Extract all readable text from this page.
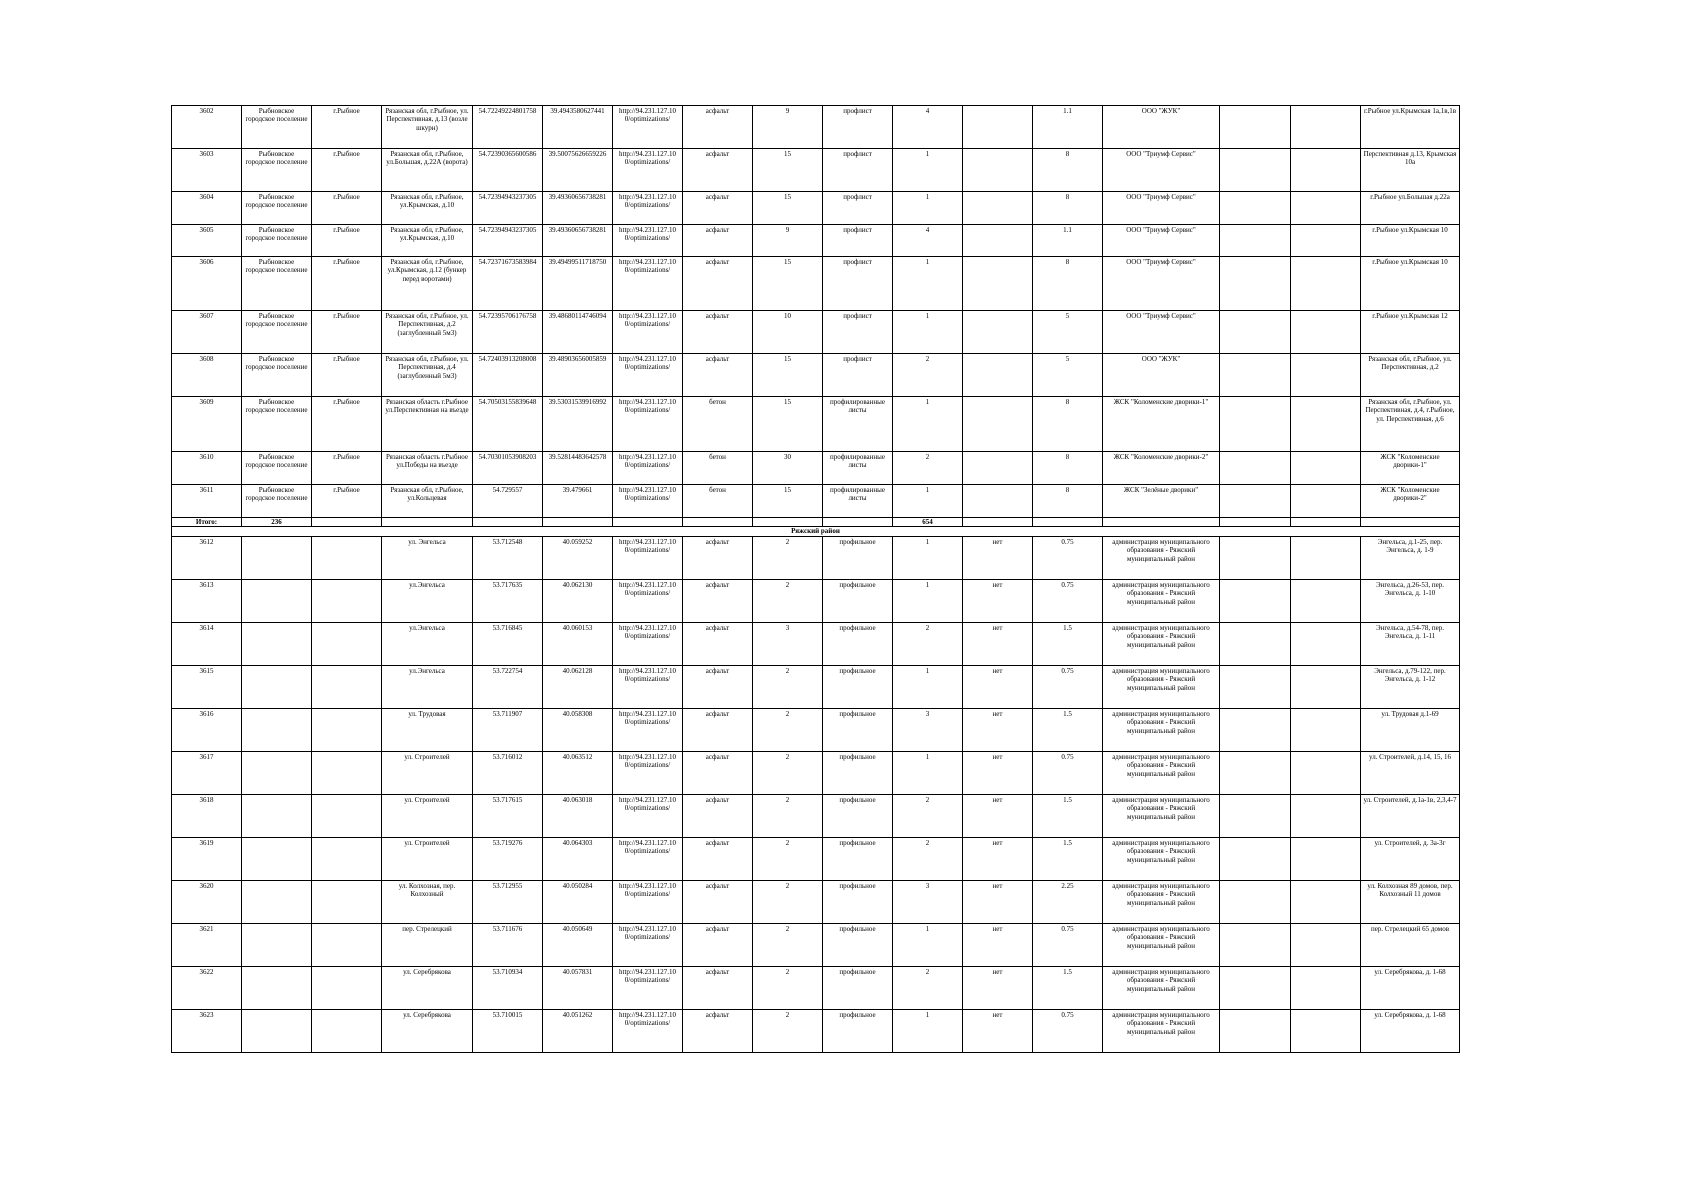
3602	Рыбновское городское поселение	г.Рыбное	Рязанская обл, г.Рыбное, ул. Перспективная, д.13 (возле шкурн)	54.72249224801758	39.4943580627441	http://94.231.127.10 0/optimizations/	асфальт	9	профлист	4		1.1	ООО "ЖУК"			г.Рыбное ул.Крымская 1а,1в,1в
3603	Рыбновское городское поселение	г.Рыбное	Рязанская обл, г.Рыбное, ул.Большая, д.22А (ворота)	54.72390365600586	39.50075626659226	http://94.231.127.10 0/optimizations/	асфальт	15	профлист	1		8	ООО "Триумф Сервис"			Перспективная д.13, Крымская 10а
3604	Рыбновское городское поселение	г.Рыбное	Рязанская обл, г.Рыбное, ул.Крымская, д.10	54.72394943237305	39.49360656738281	http://94.231.127.10 0/optimizations/	асфальт	15	профлист	1		8	ООО "Триумф Сервис"			г.Рыбное ул.Большая д.22а
3605	Рыбновское городское поселение	г.Рыбное	Рязанская обл, г.Рыбное, ул.Крымская, д.10	54.72394943237305	39.49360656738281	http://94.231.127.10 0/optimizations/	асфальт	9	профлист	4		1.1	ООО "Триумф Сервис"			г.Рыбное ул.Крымская 10
3606	Рыбновское городское поселение	г.Рыбное	Рязанская обл, г.Рыбное, ул.Крымская, д.12 (бункер перед воротами)	54.72371673583984	39.49499511718750	http://94.231.127.10 0/optimizations/	асфальт	15	профлист	1		8	ООО "Триумф Сервис"			г.Рыбное ул.Крымская 10
3607	Рыбновское городское поселение	г.Рыбное	Рязанская обл, г.Рыбное, ул. Перспективная, д.2 (заглубленный 5м3)	54.72395706176758	39.48680114746094	http://94.231.127.10 0/optimizations/	асфальт	10	профлист	1		5	ООО "Триумф Сервис"			г.Рыбное ул.Крымская 12
3608	Рыбновское городское поселение	г.Рыбное	Рязанская обл, г.Рыбное, ул. Перспективная, д.4 (заглубленный 5м3)	54.72403913208008	39.48903656005859	http://94.231.127.10 0/optimizations/	асфальт	15	профлист	2		5	ООО "ЖУК"			Рязанская обл, г.Рыбное, ул. Перспективная, д.2
3609	Рыбновское городское поселение	г.Рыбное	Рязанская область г.Рыбное ул.Перспективная на въезде	54.70503155839648	39.53031539916992	http://94.231.127.10 0/optimizations/	бетон	15	профилированные листы	1		8	ЖСК "Коломенские дворики-1"			Рязанская обл, г.Рыбное, ул. Перспективная, д.4, г.Рыбное, ул. Перспективная, д.6
3610	Рыбновское городское поселение	г.Рыбное	Рязанская область г.Рыбное ул.Победы на въезде	54.70301053908203	39.52814483642578	http://94.231.127.10 0/optimizations/	бетон	30	профилированные листы	2		8	ЖСК "Коломенские дворики-2"			ЖСК "Коломенские дворики-1"
3611	Рыбновское городское поселение	г.Рыбное	Рязанская обл, г.Рыбное, ул.Кольцевая	54.729557	39.479661	http://94.231.127.10 0/optimizations/	бетон	15	профилированные листы	1		8	ЖСК "Зелёные дворики"			ЖСК "Коломенские дворики-2"
Итого:	236									654						
Ряжский район																
3612			ул. Энгельса	53.712548	40.059252	http://94.231.127.10 0/optimizations/	асфальт	2	профильное	1	нет	0.75	администрация муниципального образования - Ряжский муниципальный район			Энгельса, д.1-25, пер. Энгельса, д. 1-9
3613			ул.Энгельса	53.717635	40.062130	http://94.231.127.10 0/optimizations/	асфальт	2	профильное	1	нет	0.75	администрация муниципального образования - Ряжский муниципальный район			Энгельса, д.26-53, пер. Энгельса, д. 1-10
3614			ул.Энгельса	53.716845	40.060153	http://94.231.127.10 0/optimizations/	асфальт	3	профильное	2	нет	1.5	администрация муниципального образования - Ряжский муниципальный район			Энгельса, д.54-78, пер. Энгельса, д. 1-11
3615			ул.Энгельса	53.722754	40.062128	http://94.231.127.10 0/optimizations/	асфальт	2	профильное	1	нет	0.75	администрация муниципального образования - Ряжский муниципальный район			Энгельса, д.79-122, пер. Энгельса, д. 1-12
3616			ул. Трудовая	53.711907	40.058308	http://94.231.127.10 0/optimizations/	асфальт	2	профильное	3	нет	1.5	администрация муниципального образования - Ряжский муниципальный район			ул. Трудовая д.1-69
3617			ул. Строителей	53.716012	40.063512	http://94.231.127.10 0/optimizations/	асфальт	2	профильное	1	нет	0.75	администрация муниципального образования - Ряжский муниципальный район			ул. Строителей, д.14, 15, 16
3618			ул. Строителей	53.717615	40.063018	http://94.231.127.10 0/optimizations/	асфальт	2	профильное	2	нет	1.5	администрация муниципального образования - Ряжский муниципальный район			ул. Строителей, д.1а-1в, 2,3,4-7
3619			ул. Строителей	53.719276	40.064303	http://94.231.127.10 0/optimizations/	асфальт	2	профильное	2	нет	1.5	администрация муниципального образования - Ряжский муниципальный район			ул. Строителей, д. 3а-3г
3620			ул. Колхозная, пер. Колхозный	53.712955	40.050284	http://94.231.127.10 0/optimizations/	асфальт	2	профильное	3	нет	2.25	администрация муниципального образования - Ряжский муниципальный район			ул. Колхозная 89 домов, пер. Колхозный 11 домов
3621			пер. Стрелецкий	53.711676	40.050649	http://94.231.127.10 0/optimizations/	асфальт	2	профильное	1	нет	0.75	администрация муниципального образования - Ряжский муниципальный район			пер. Стрелецкий 65 домов
3622			ул. Серебрякова	53.710934	40.057831	http://94.231.127.10 0/optimizations/	асфальт	2	профильное	2	нет	1.5	администрация муниципального образования - Ряжский муниципальный район			ул. Серебрякова, д. 1-68
3623			ул. Серебрякова	53.710015	40.051262	http://94.231.127.10 0/optimizations/	асфальт	2	профильное	1	нет	0.75	администрация муниципального образования - Ряжский муниципальный район			ул. Серебрякова, д. 1-68
